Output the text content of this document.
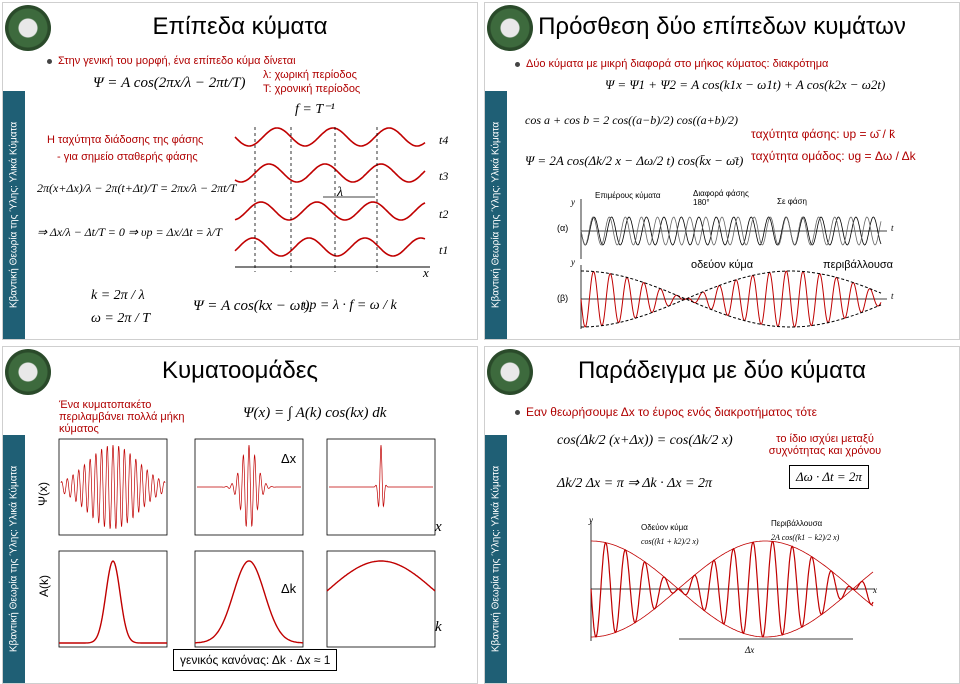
Κβαντική Θεωρία της Ύλης: Υλικά Κύματα
Επίπεδα κύματα
Στην γενική του μορφή, ένα επίπεδο κύμα δίνεται
Ψ = A cos(2πx/λ − 2πt/T) λ: χωρική περίοδος
T: χρονική περίοδος
f = T⁻¹
Η ταχύτητα διάδοσης της φάσης
- για σημείο σταθερής φάσης
2π(x+Δx)/λ − 2π(t+Δt)/T = 2πx/λ − 2πt/T
⇒ Δx/λ − Δt/T = 0 ⇒ υp = Δx/Δt = λ/T
k = 2π / λ
ω = 2π / T
Ψ = A cos(kx − ωt)
υp = λ · f = ω / k
t4
t3
t2
t1
x
λ	Κβαντική Θεωρία της Ύλης: Υλικά Κύματα
Πρόσθεση δύο επίπεδων κυμάτων
Δύο κύματα με μικρή διαφορά στο μήκος κύματος: διακρότημα
Ψ = Ψ1 + Ψ2 = A cos(k1x − ω1t) + A cos(k2x − ω2t)
cos a + cos b = 2 cos((a−b)/2) cos((a+b)/2)
Ψ = 2A cos(Δk/2 x − Δω/2 t) cos(k̄x − ω̄t)
ταχύτητα φάσης: υp = ω̄ / k̄
ταχύτητα ομάδος: υg = Δω / Δk
Επιμέρους κύματα	Διαφορά φάσης 180°	Σε φάση
(α)
(β)
y
y
t
t
οδεύον κύμα	περιβάλλουσα
Κβαντική Θεωρία της Ύλης: Υλικά Κύματα
Κυματοομάδες
Ένα κυματοπακέτο περιλαμβάνει πολλά μήκη κύματος
Ψ(x) = ∫ A(k) cos(kx) dk
Ψ(x)
A(k)
Δx
Δk
x
k
γενικός κανόνας: Δk · Δx ≈ 1
Κβαντική Θεωρία της Ύλης: Υλικά Κύματα
Παράδειγμα με δύο κύματα
Εαν θεωρήσουμε Δx το έυρος ενός διακροτήματος τότε
cos(Δk/2 (x+Δx)) = cos(Δk/2 x)
Δk/2 Δx = π ⇒ Δk · Δx = 2π
το ίδιο ισχύει μεταξύ συχνότητας και χρόνου
Δω · Δt = 2π
Οδεύον κύμα
cos((k1 + k2)/2 x)
Περιβάλλουσα
2A cos((k1 − k2)/2 x)
y
x
Δx
